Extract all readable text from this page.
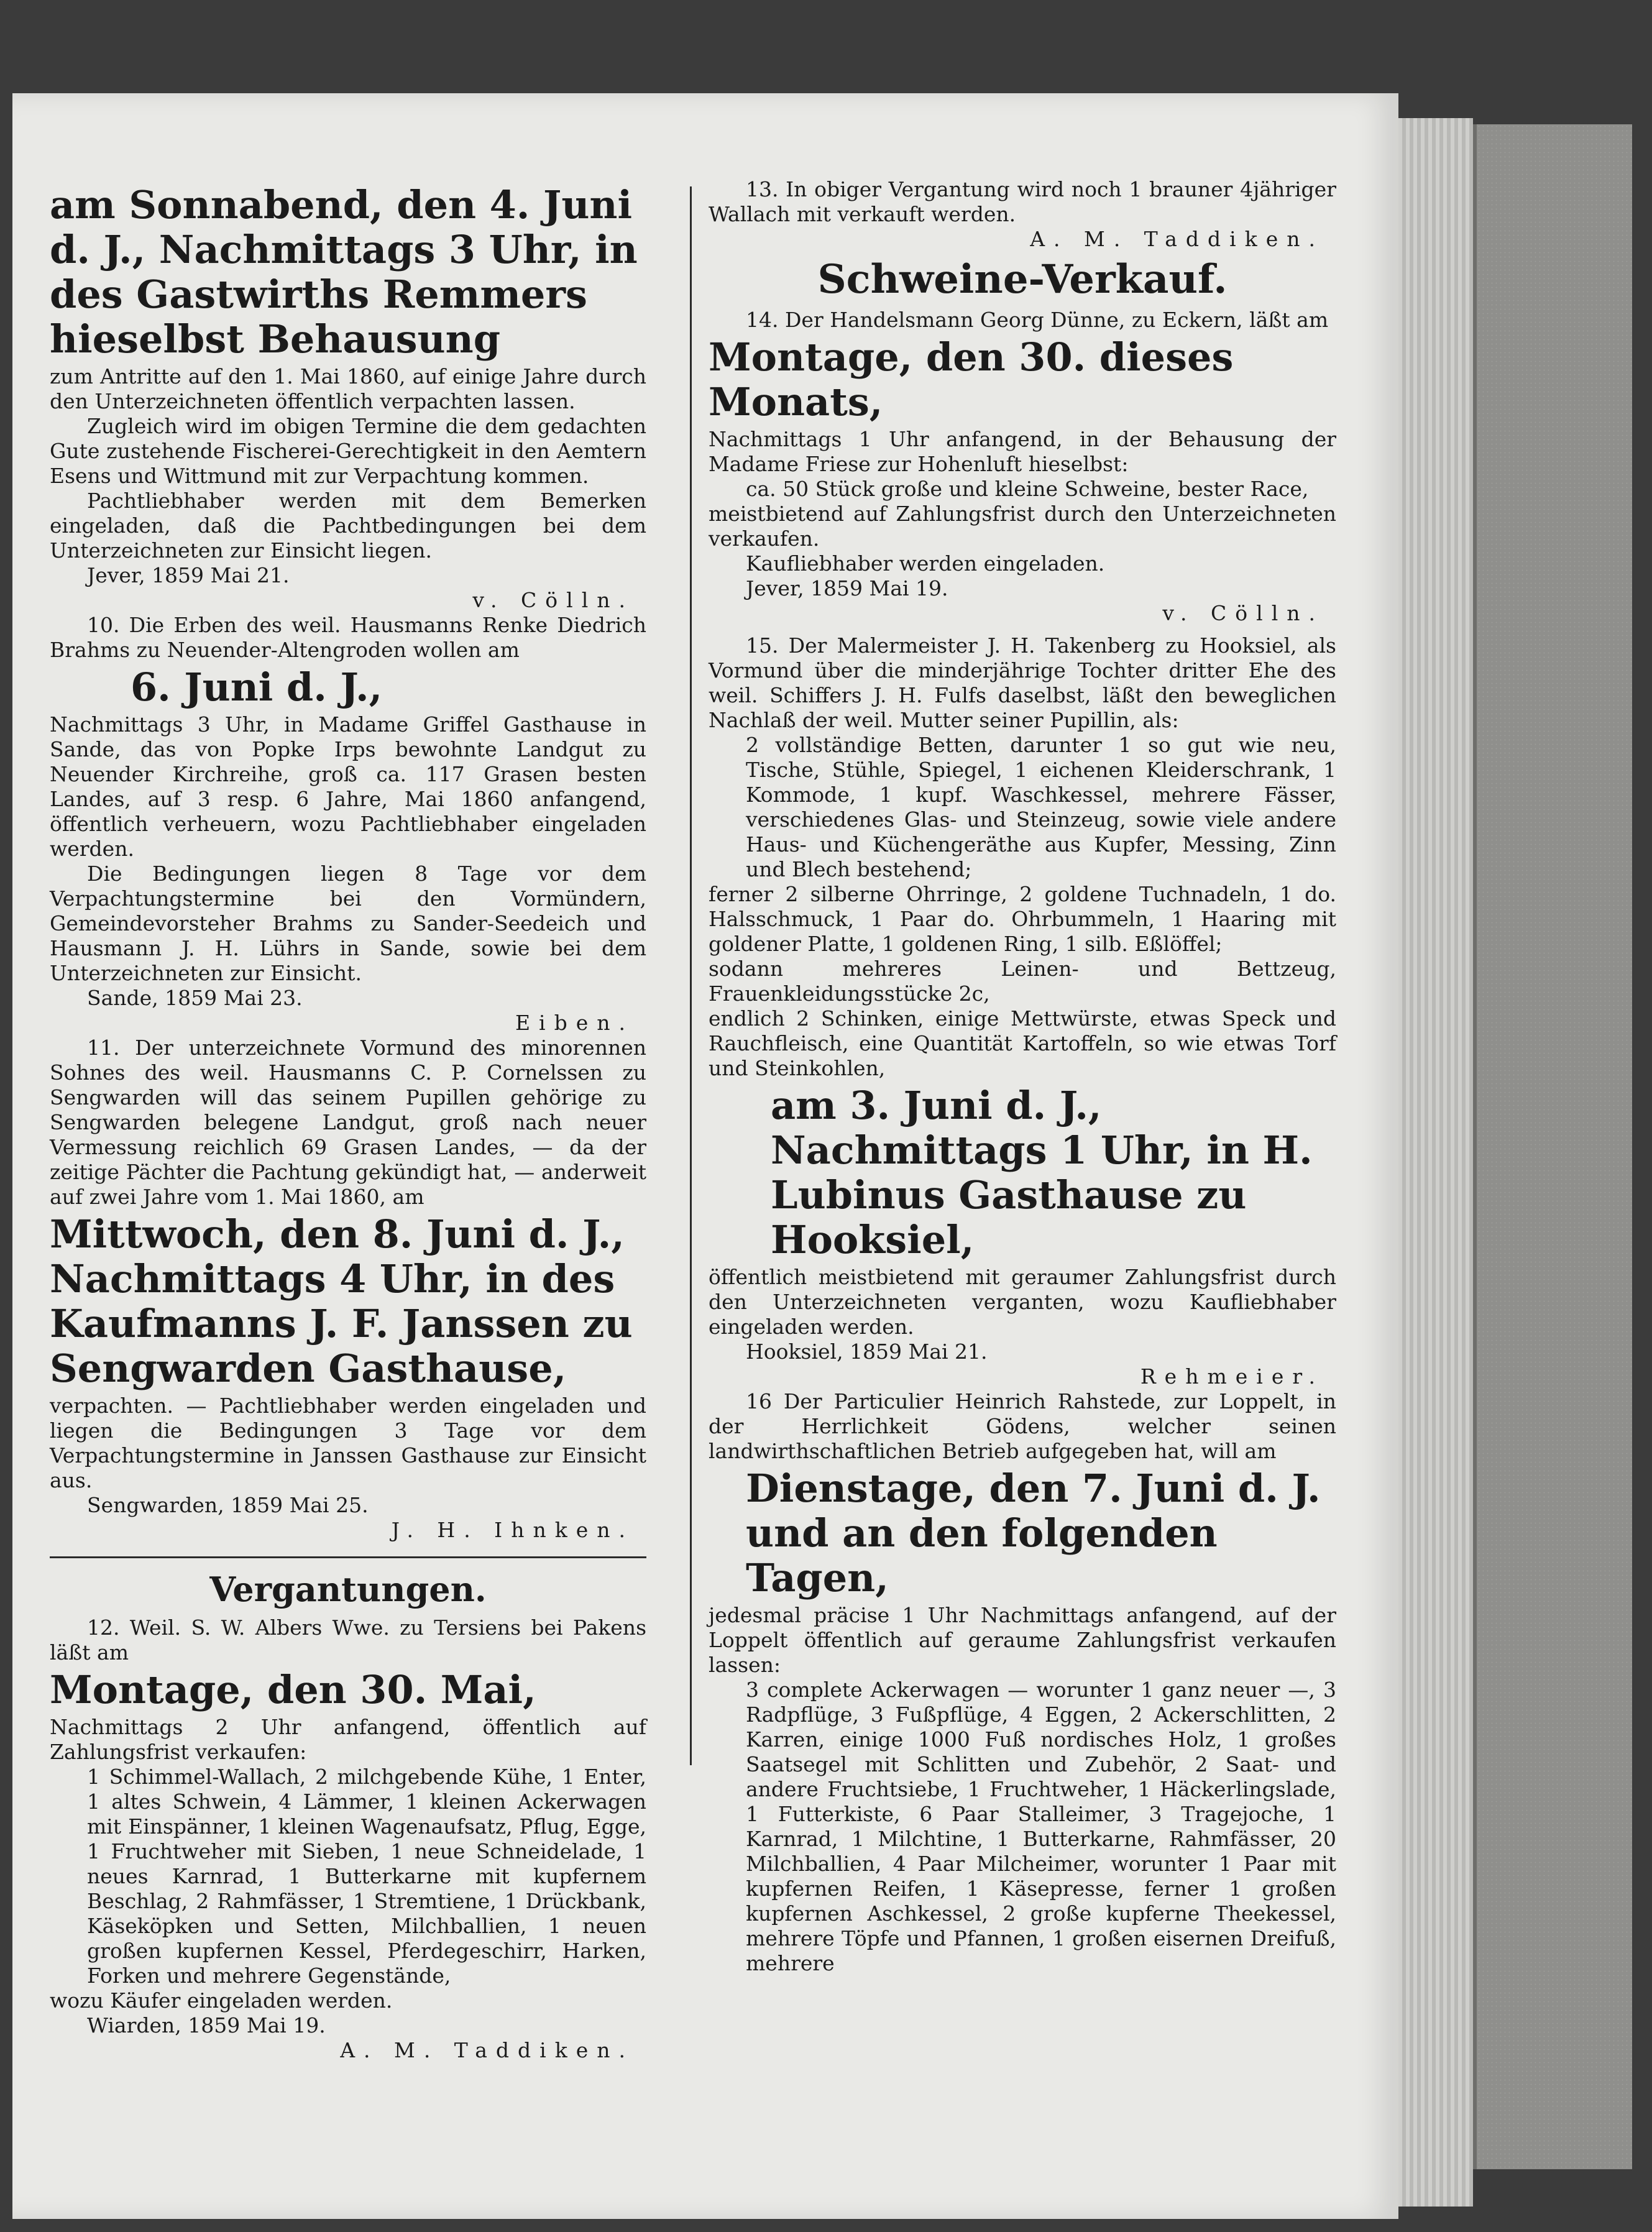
am Sonnabend, den 4. Juni d. J., Nachmittags 3 Uhr, in des Gastwirths Remmers hieselbst Behausung

zum Antritte auf den 1. Mai 1860, auf einige Jahre durch den Unterzeichneten öffentlich verpachten lassen.

Zugleich wird im obigen Termine die dem gedachten Gute zustehende Fischerei-Gerechtigkeit in den Aemtern Esens und Wittmund mit zur Verpachtung kommen.

Pachtliebhaber werden mit dem Bemerken eingeladen, daß die Pachtbedingungen bei dem Unterzeichneten zur Einsicht liegen.

Jever, 1859 Mai 21.

v. Cölln.

10. Die Erben des weil. Hausmanns Renke Diedrich Brahms zu Neuender-Altengroden wollen am

6. Juni d. J.,

Nachmittags 3 Uhr, in Madame Griffel Gasthause in Sande, das von Popke Irps bewohnte Landgut zu Neuender Kirchreihe, groß ca. 117 Grasen besten Landes, auf 3 resp. 6 Jahre, Mai 1860 anfangend, öffentlich verheuern, wozu Pachtliebhaber eingeladen werden.

Die Bedingungen liegen 8 Tage vor dem Verpachtungstermine bei den Vormündern, Gemeindevorsteher Brahms zu Sander-Seedeich und Hausmann J. H. Lührs in Sande, sowie bei dem Unterzeichneten zur Einsicht.

Sande, 1859 Mai 23.

Eiben.

11. Der unterzeichnete Vormund des minorennen Sohnes des weil. Hausmanns C. P. Cornelssen zu Sengwarden will das seinem Pupillen gehörige zu Sengwarden belegene Landgut, groß nach neuer Vermessung reichlich 69 Grasen Landes, — da der zeitige Pächter die Pachtung gekündigt hat, — anderweit auf zwei Jahre vom 1. Mai 1860, am

Mittwoch, den 8. Juni d. J., Nachmittags 4 Uhr, in des Kaufmanns J. F. Janssen zu Sengwarden Gasthause,

verpachten. — Pachtliebhaber werden eingeladen und liegen die Bedingungen 3 Tage vor dem Verpachtungstermine in Janssen Gasthause zur Einsicht aus.

Sengwarden, 1859 Mai 25.

J. H. Ihnken.

Vergantungen.

12. Weil. S. W. Albers Wwe. zu Tersiens bei Pakens läßt am

Montage, den 30. Mai,

Nachmittags 2 Uhr anfangend, öffentlich auf Zahlungsfrist verkaufen:

1 Schimmel-Wallach, 2 milchgebende Kühe, 1 Enter, 1 altes Schwein, 4 Lämmer, 1 kleinen Ackerwagen mit Einspänner, 1 kleinen Wagenaufsatz, Pflug, Egge, 1 Fruchtweher mit Sieben, 1 neue Schneidelade, 1 neues Karnrad, 1 Butterkarne mit kupfernem Beschlag, 2 Rahmfässer, 1 Stremtiene, 1 Drückbank, Käseköpken und Setten, Milchballien, 1 neuen großen kupfernen Kessel, Pferdegeschirr, Harken, Forken und mehrere Gegenstände,

wozu Käufer eingeladen werden.

Wiarden, 1859 Mai 19.

A. M. Taddiken.

13. In obiger Vergantung wird noch 1 brauner 4jähriger Wallach mit verkauft werden.

A. M. Taddiken.

Schweine-Verkauf.

14. Der Handelsmann Georg Dünne, zu Eckern, läßt am

Montage, den 30. dieses Monats,

Nachmittags 1 Uhr anfangend, in der Behausung der Madame Friese zur Hohenluft hieselbst:

ca. 50 Stück große und kleine Schweine, bester Race,

meistbietend auf Zahlungsfrist durch den Unterzeichneten verkaufen.

Kaufliebhaber werden eingeladen.

Jever, 1859 Mai 19.

v. Cölln.

15. Der Malermeister J. H. Takenberg zu Hooksiel, als Vormund über die minderjährige Tochter dritter Ehe des weil. Schiffers J. H. Fulfs daselbst, läßt den beweglichen Nachlaß der weil. Mutter seiner Pupillin, als:

2 vollständige Betten, darunter 1 so gut wie neu, Tische, Stühle, Spiegel, 1 eichenen Kleiderschrank, 1 Kommode, 1 kupf. Waschkessel, mehrere Fässer, verschiedenes Glas- und Steinzeug, sowie viele andere Haus- und Küchengeräthe aus Kupfer, Messing, Zinn und Blech bestehend;

ferner 2 silberne Ohrringe, 2 goldene Tuchnadeln, 1 do. Halsschmuck, 1 Paar do. Ohrbummeln, 1 Haaring mit goldener Platte, 1 goldenen Ring, 1 silb. Eßlöffel;

sodann mehreres Leinen- und Bettzeug, Frauenkleidungsstücke 2c,

endlich 2 Schinken, einige Mettwürste, etwas Speck und Rauchfleisch, eine Quantität Kartoffeln, so wie etwas Torf und Steinkohlen,

am 3. Juni d. J., Nachmittags 1 Uhr, in H. Lubinus Gasthause zu Hooksiel,

öffentlich meistbietend mit geraumer Zahlungsfrist durch den Unterzeichneten verganten, wozu Kaufliebhaber eingeladen werden.

Hooksiel, 1859 Mai 21.

Rehmeier.

16 Der Particulier Heinrich Rahstede, zur Loppelt, in der Herrlichkeit Gödens, welcher seinen landwirthschaftlichen Betrieb aufgegeben hat, will am

Dienstage, den 7. Juni d. J. und an den folgenden Tagen,

jedesmal präcise 1 Uhr Nachmittags anfangend, auf der Loppelt öffentlich auf geraume Zahlungsfrist verkaufen lassen:

3 complete Ackerwagen — worunter 1 ganz neuer —, 3 Radpflüge, 3 Fußpflüge, 4 Eggen, 2 Ackerschlitten, 2 Karren, einige 1000 Fuß nordisches Holz, 1 großes Saatsegel mit Schlitten und Zubehör, 2 Saat- und andere Fruchtsiebe, 1 Fruchtweher, 1 Häckerlingslade, 1 Futterkiste, 6 Paar Stalleimer, 3 Tragejoche, 1 Karnrad, 1 Milchtine, 1 Butterkarne, Rahmfässer, 20 Milchballien, 4 Paar Milcheimer, worunter 1 Paar mit kupfernen Reifen, 1 Käsepresse, ferner 1 großen kupfernen Aschkessel, 2 große kupferne Theekessel, mehrere Töpfe und Pfannen, 1 großen eisernen Dreifuß, mehrere
